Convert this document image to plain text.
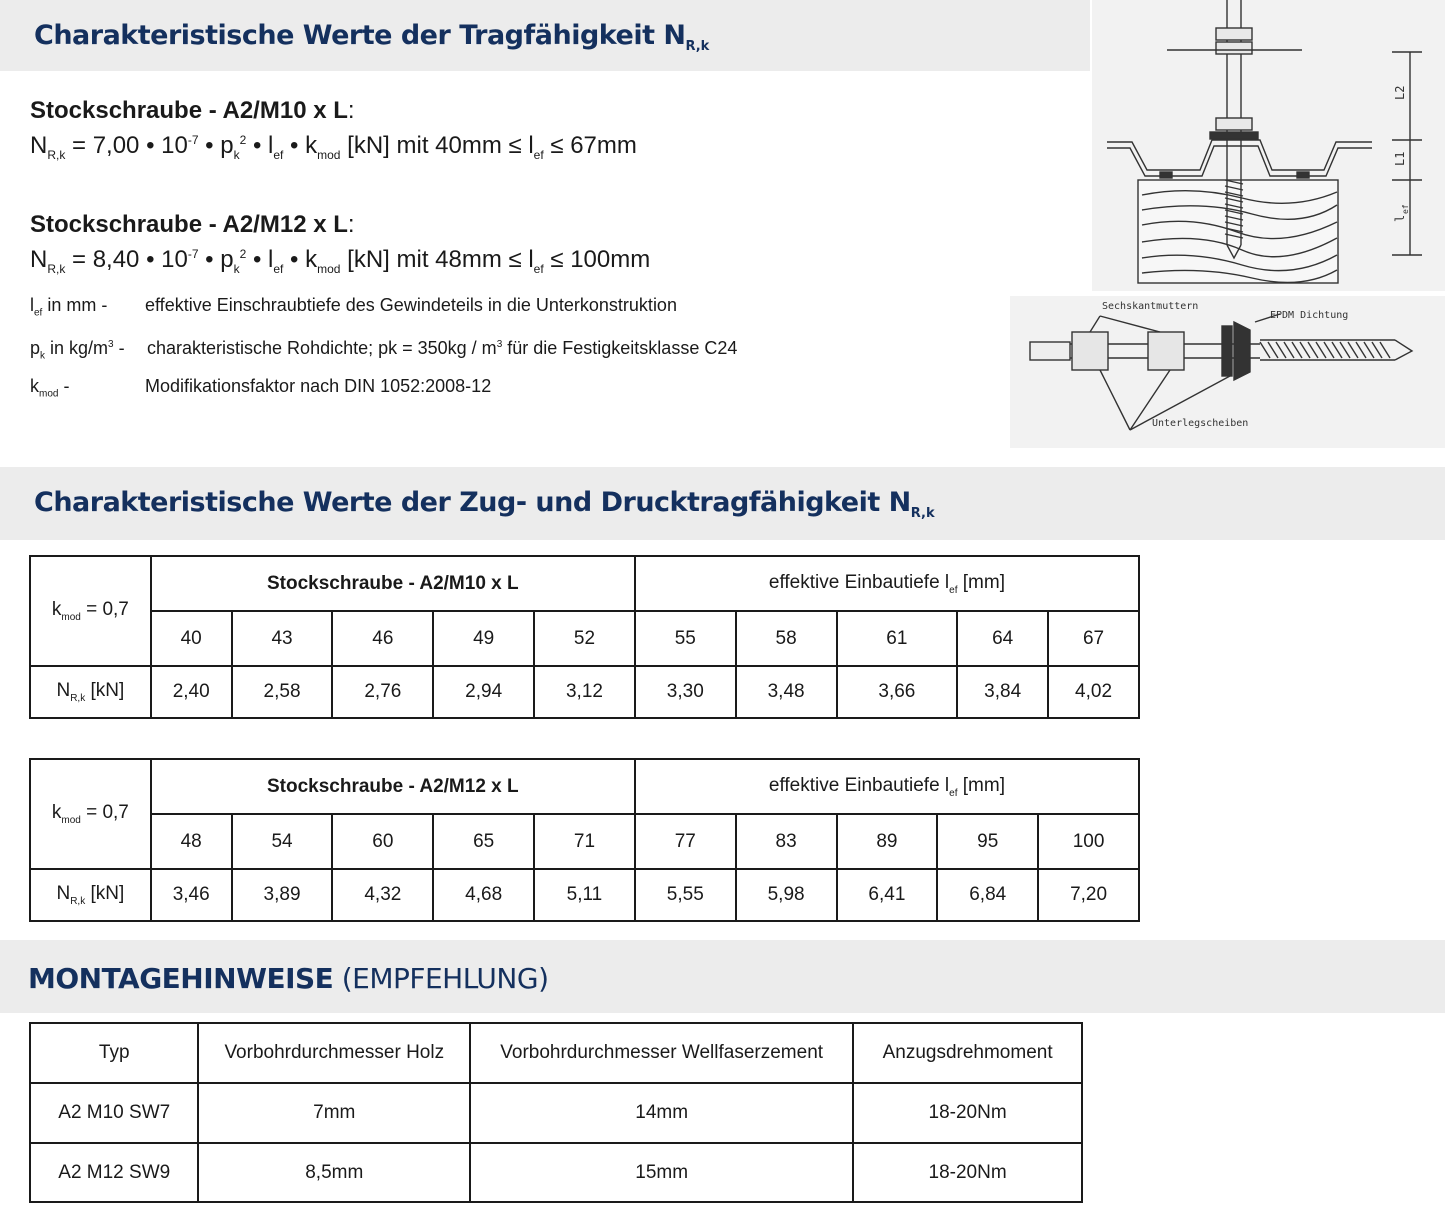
Charakteristische Werte der Tragfähigkeit $N_{R,k}$
Stockschraube - A2/M10 x L:
$N_{R,k} = 7,00$ • $10^{-7}$ • $p_k^2$ • $l_{ef}$ • $k_{mod}$ [kN] mit $40mm \le l_{ef} \le 67mm$
Stockschraube - A2/M12 x L:
$N_{R,k} = 8,40$ • $10^{-7}$ • $p_k^2$ • $l_{ef}$ • $k_{mod}$ [kN] mit $48mm \le l_{ef} \le 100mm$
$l_{ef}$ in mm -	effektive Einschraubtiefe des Gewindeteils in die Unterkonstruktion
$p_k$ in $kg/m^3$ -	charakteristische Rohdichte; pk = $350kg / m^3$ für die Festigkeitsklasse C24
$k_{mod}$ -	Modifikationsfaktor nach DIN 1052:2008-12
L2
L1
l
ef
Sechskantmuttern
EPDM Dichtung
Unterlegscheiben
Charakteristische Werte der Zug- und Drucktragfähigkeit $N_{R,k}$
$k_{mod} = 0,7$	Stockschraube - A2/M10 x L					effektive Einbautiefe $l_{ef}$ [mm]				
	40	43	46	49	52	55	58	61	64	67
$N_{R,k}$ [kN]	2,40	2,58	2,76	2,94	3,12	3,30	3,48	3,66	3,84	4,02
$k_{mod} = 0,7$	Stockschraube - A2/M12 x L					effektive Einbautiefe $l_{ef}$ [mm]				
	48	54	60	65	71	77	83	89	95	100
$N_{R,k}$ [kN]	3,46	3,89	4,32	4,68	5,11	5,55	5,98	6,41	6,84	7,20
MONTAGEHINWEISE (EMPFEHLUNG)
Typ	Vorbohrdurchmesser Holz	Vorbohrdurchmesser Wellfaserzement	Anzugsdrehmoment
A2 M10 SW7	7mm	14mm	18-20Nm
A2 M12 SW9	8,5mm	15mm	18-20Nm
